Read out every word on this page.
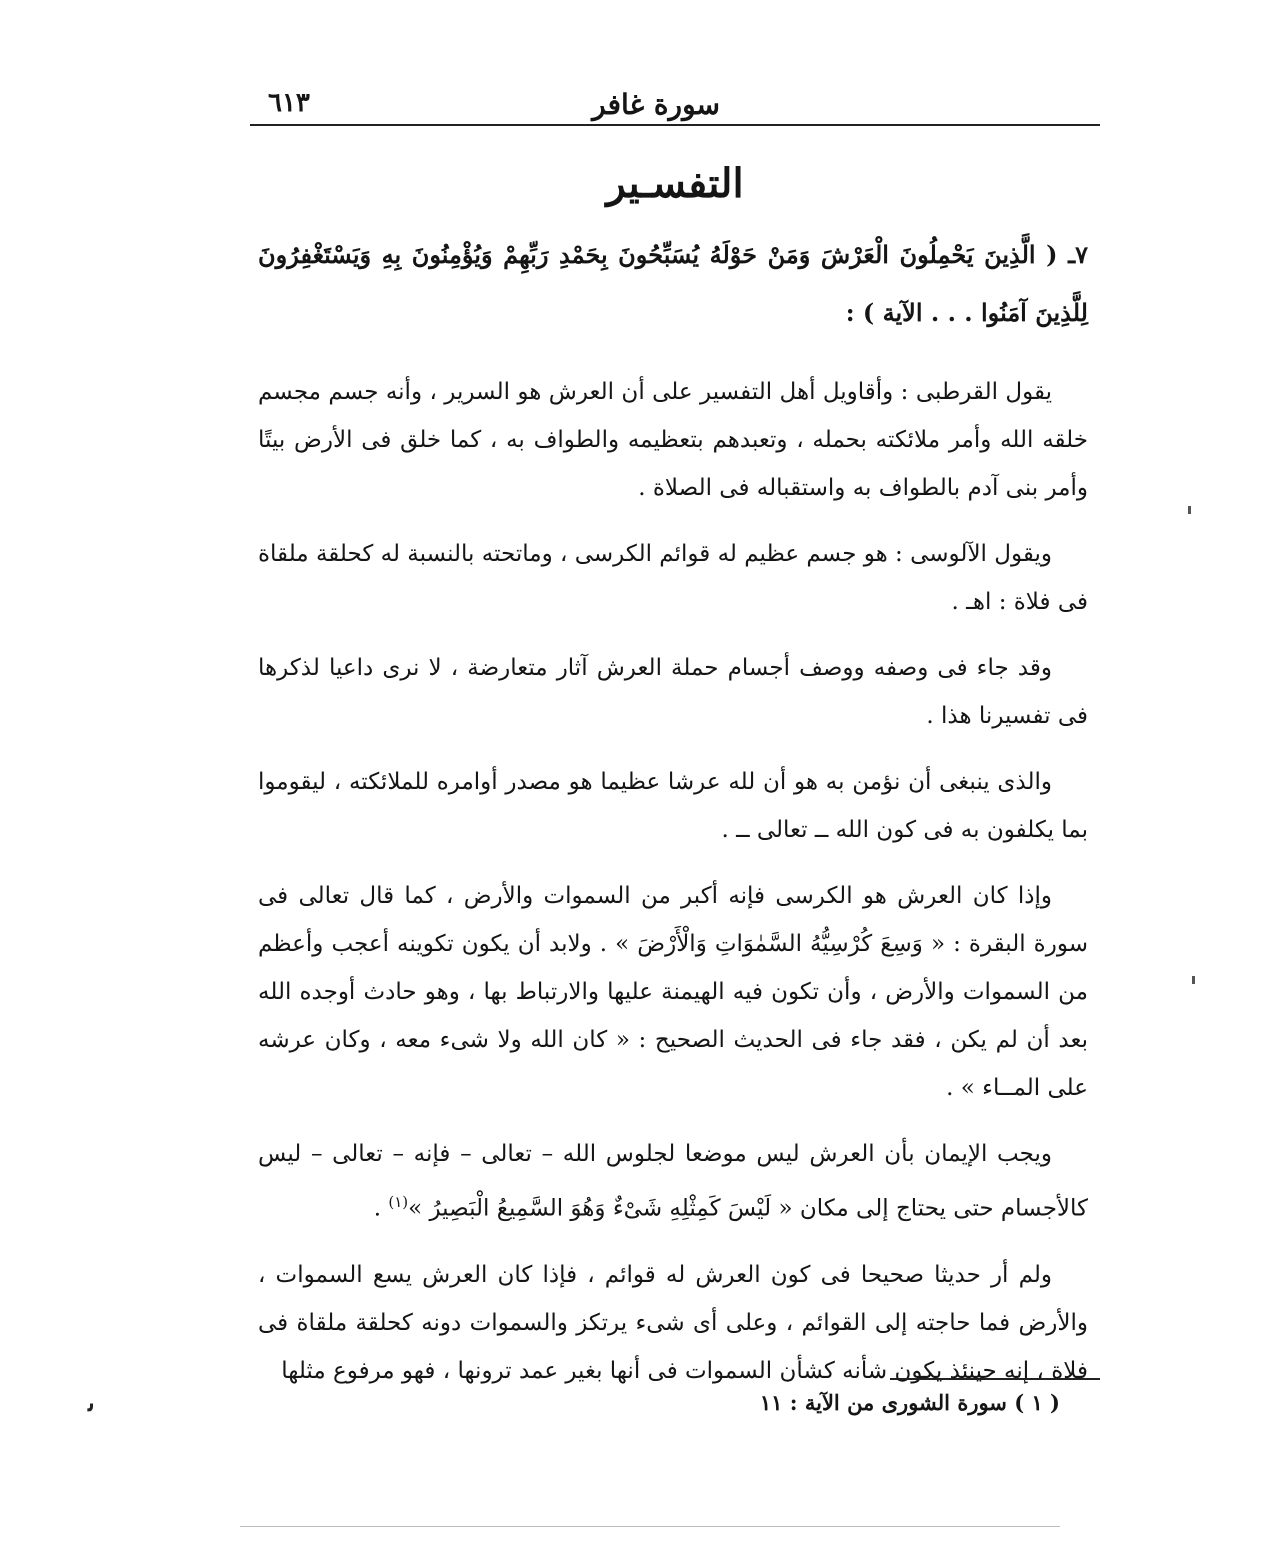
سورة غافر
٦١٣
التفسـير

٧ـ ( الَّذِينَ يَحْمِلُونَ الْعَرْشَ وَمَنْ حَوْلَهُ يُسَبِّحُونَ بِحَمْدِ رَبِّهِمْ وَيُؤْمِنُونَ بِهِ وَيَسْتَغْفِرُونَ لِلَّذِينَ آمَنُوا . . . الآية ) :

يقول القرطبى : وأقاويل أهل التفسير على أن العرش هو السرير ، وأنه جسم مجسم خلقه الله وأمر ملائكته بحمله ، وتعبدهم بتعظيمه والطواف به ، كما خلق فى الأرض بيتًا وأمر بنى آدم بالطواف به واستقباله فى الصلاة .

ويقول الآلوسى : هو جسم عظيم له قوائم الكرسى ، وماتحته بالنسبة له كحلقة ملقاة فى فلاة : اهـ .

وقد جاء فى وصفه ووصف أجسام حملة العرش آثار متعارضة ، لا نرى داعيا لذكرها فى تفسيرنا هذا .

والذى ينبغى أن نؤمن به هو أن لله عرشا عظيما هو مصدر أوامره للملائكته ، ليقوموا بما يكلفون به فى كون الله ــ تعالى ــ .

وإذا كان العرش هو الكرسى فإنه أكبر من السموات والأرض ، كما قال تعالى فى سورة البقرة : « وَسِعَ كُرْسِيُّهُ السَّمٰوَاتِ وَالْأَرْضَ » . ولابد أن يكون تكوينه أعجب وأعظم من السموات والأرض ، وأن تكون فيه الهيمنة عليها والارتباط بها ، وهو حادث أوجده الله بعد أن لم يكن ، فقد جاء فى الحديث الصحيح : « كان الله ولا شىء معه ، وكان عرشه على المــاء » .

ويجب الإيمان بأن العرش ليس موضعا لجلوس الله – تعالى – فإنه – تعالى – ليس كالأجسام حتى يحتاج إلى مكان « لَيْسَ كَمِثْلِهِ شَىْءٌ وَهُوَ السَّمِيعُ الْبَصِيرُ »$^{(١)}$ .

ولم أر حديثا صحيحا فى كون العرش له قوائم ، فإذا كان العرش يسع السموات ، والأرض فما حاجته إلى القوائم ، وعلى أى شىء يرتكز والسموات دونه كحلقة ملقاة فى فلاة ، إنه حينئذ يكون شأنه كشأن السموات فى أنها بغير عمد ترونها ، فهو مرفوع مثلها

( ١ ) سورة الشورى من الآية : ١١
ﯨ
